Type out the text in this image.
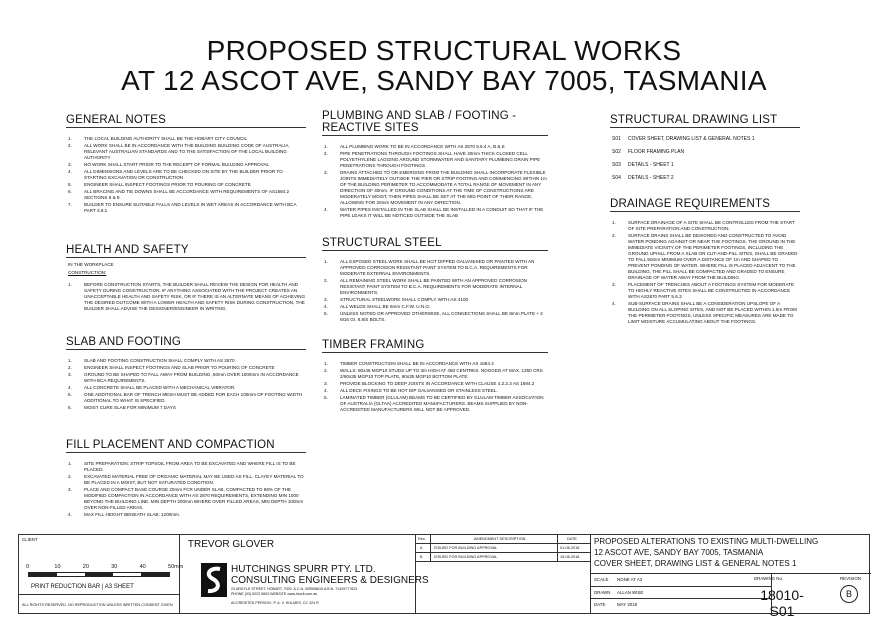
PROPOSED STRUCTURAL WORKS
AT 12 ASCOT AVE, SANDY BAY 7005, TASMANIA
GENERAL NOTES
1.	THE LOCAL BUILDING AUTHORITY SHALL BE THE HOBART CITY COUNCIL
2.	ALL WORK SHALL BE IN ACCORDANCE WITH THE BUILDING BUILDING CODE OF AUSTRALIA, RELEVANT AUSTRALIAN STANDARDS AND TO THE SATISFACTION OF THE LOCAL BUILDING AUTHORITY
3.	NO WORK SHALL START PRIOR TO THE RECEIPT OF FORMAL BUILDING APPROVAL
4.	ALL DIMENSIONS AND LEVELS ARE TO BE CHECKED ON SITE BY THE BUILDER PRIOR TO STARTING EXCAVATION OR CONSTRUCTION
5.	ENGINEER SHALL INSPECT FOOTINGS PRIOR TO POURING OF CONCRETE
6.	ALL BRACING AND TIE DOWNS SHALL BE ACCORDANCE WITH REQUIREMENTS OF AS1684.2 SECTIONS 8 & 9
7.	BUILDER TO ENSURE SUITABLE FALLS AND LEVELS IN WET AREAS IN ACCORDANCE WITH BCA PART 3.8.1
HEALTH AND SAFETY
IN THE WORKPLACE
CONSTRUCTION:
1.	BEFORE CONSTRUCTION STARTS, THE BUILDER SHALL REVIEW THE DESIGN FOR HEALTH AND SAFETY DURING CONSTRUCTION. IF ANYTHING ASSOCIATED WITH THE PROJECT CREATES AN UNACCEPTABLE HEALTH AND SAFETY RISK, OR IF THERE IS AN ALTERNATE MEANS OF ACHIEVING THE DESIRED OUTCOME WITH A LOWER HEALTH AND SAFETY RISK DURING CONSTRUCTION, THE BUILDER SHALL ADVISE THE DESIGNER/ENGINEER IN WRITING.
SLAB AND FOOTING
1.	SLAB AND FOOTING CONSTRUCTION SHALL COMPLY WITH AS 2870
2.	ENGINEER SHALL INSPECT FOOTINGS AND SLAB PRIOR TO POURING OF CONCRETE
3.	GROUND TO BE SHAPED TO FALL AWAY FROM BUILDING, 50mm OVER 1000mm IN ACCORDANCE WITH BCA REQUIREMENTS.
4.	ALL CONCRETE SHALL BE PLACED WITH A MECHANICAL VIBRATOR.
5.	ONE ADDITIONAL BAR OF TRENCH MESH MUST BE ADDED FOR EACH 100mm OF FOOTING WIDTH ADDITIONAL TO WHAT IS SPECIFIED.
6.	MOIST CURE SLAB FOR MINIMUM 7 DAYS
FILL PLACEMENT AND COMPACTION
1.	SITE PREPARATION: STRIP TOPSOIL FROM AREA TO BE EXCAVATED AND WHERE FILL IS TO BE PLACED.
2.	EXCAVATED MATERIAL FREE OF ORGANIC MATERIAL MAY BE USED AS FILL. CLAYEY MATERIAL TO BE PLACED IN A MOIST, BUT NOT SATURATED CONDITION.
3.	PLACE AND COMPACT BASE COURSE 20mm FCR UNDER SLAB, COMPACTED TO 98% OF THE MODIFIED COMPACTION IN ACCORDANCE WITH AS 2870 REQUIREMENTS, EXTENDING MIN 1000 BEYOND THE BUILDING LINE. MIN DEPTH 200mm WHERE OVER FILLED AREAS, MIN DEPTH 100mm OVER NON-FILLED AREAS.
4.	MAX FILL HEIGHT BENEATH SLAB: 1200mm.
PLUMBING AND SLAB / FOOTING - REACTIVE SITES
1.	ALL PLUMBING WORK TO BE IN ACCORDANCE WITH AS 2870 5.6.4 A, B & E
2.	PIPE PENETRATIONS THROUGH FOOTINGS SHALL HAVE 40mm THICK CLOSED CELL POLYETHYLENE LAGGING AROUND STORMWATER AND SANITARY PLUMBING DRAIN PIPE PENETRATIONS THROUGH FOOTINGS.
3.	DRAINS ATTACHED TO OR EMERGING FROM THE BUILDING SHALL INCORPORATE FLEXIBLE JOINTS IMMEDIATELY OUTSIDE THE PIER OR STRIP FOOTING AND COMMENCING WITHIN 1m OF THE BUILDING PERIMETER TO ACCOMMODATE A TOTAL RANGE OF MOVEMENT IN ANY DIRECTION OF 40mm. IF GROUND CONDITIONS AT THE TIME OF CONSTRUCTIONS ARE MODERATELY MOIST, THEN PIPES SHALL BE SET AT THE MID POINT OF THEIR RANGE, ALLOWING FOR 20mm MOVEMENT IN ANY DIRECTION.
4.	WATER PIPES INSTALLED IN THE SLAB SHALL BE INSTALLED IN A CONDUIT SO THAT IF THE PIPE LEAKS IT WILL BE NOTICED OUTSIDE THE SLAB
STRUCTURAL STEEL
1.	ALL EXPOSED STEEL WORK SHALL BE HOT DIPPED GALVANISED OR PAINTED WITH AN APPROVED CORROSION RESISTANT PAINT SYSTEM TO B.C.A. REQUIREMENTS FOR MODERATE EXTERNAL ENVIRONMENTS.
2.	ALL REMAINING STEEL WORK SHALL BE PAINTED WITH AN APPROVED CORROSION RESISTANT PAINT SYSTEM TO B.C.A. REQUIREMENTS FOR MODERATE INTERNAL ENVIRONMENTS.
3.	STRUCTURAL STEELWORK SHALL COMPLY WITH AS 4100
4.	ALL WELDS SHALL BE 6mm C.F.W. U.N.O.
5.	UNLESS NOTED OR APPROVED OTHERWISE, ALL CONNECTIONS SHALL BE 8mm PLATE + 2 M16 Gr. 8.8/S BOLTS.
TIMBER FRAMING
1.	TIMBER CONSTRUCTION SHALL BE IN ACCORDANCE WITH AS 1684.2
2.	WALLS: 90x45 MGP10 STUDS UP TO 3m HIGH AT 450 CENTRES. NOGGED AT MAX. 1350 CRS 2/90x35 MGP10 TOP PLATE, 90x35 MGP10 BOTTOM PLATE.
3.	PROVIDE BLOCKING TO DEEP JOISTS IN ACCORDANCE WITH CLAUSE 4.2.2.3 AS 1684.2
4.	ALL DECK FIXINGS TO BE HOT DIP GALVANISED OR STAINLESS STEEL.
5.	LAMINATED TIMBER (GLULAM) BEAMS TO BE CERTIFIED BY GLULAM TIMBER ASSOCIATION OF AUSTRALIA (GLTAA) ACCREDITED MANUFACTURERS. BEAMS SUPPLIED BY NON-ACCREDITED MANUFACTURERS WILL NOT BE APPROVED.
STRUCTURAL DRAWING LIST
S01 COVER SHEET, DRAWING LIST & GENERAL NOTES 1
S02 FLOOR FRAMING PLAN
S03 DETAILS - SHEET 1
S04 DETAILS - SHEET 2
DRAINAGE REQUIREMENTS
1.	SURFACE DRAINAGE OF A SITE SHALL BE CONTROLLED FROM THE START OF SITE PREPARATION AND CONSTRUCTION.
2.	SURFACE DRAINS SHALL BE DESIGNED AND CONSTRUCTED TO AVOID WATER PONDING AGAINST OR NEAR THE FOOTINGS. THE GROUND IN THE IMMEDIATE VICINITY OF THE PERIMETER FOOTINGS, INCLUDING THE GROUND UPHILL FROM A SLAB ON CUT-AND-FILL SITES, SHALL BE GRADED TO FALL 50mm MINIMUM OVER A DISTANCE OF 1m AND SHAPED TO PREVENT PONDING OF WATER. WHERE FILL IS PLACED ADJACENT TO THE BUILDING, THE FILL SHALL BE COMPACTED AND GRADED TO ENSURE DRAINAGE OF WATER AWAY FROM THE BUILDING.
3.	PLACEMENT OF TRENCHES ABOUT A FOOTINGS SYSTEM FOR MODERATE TO HIGHLY REACTIVE SITES SHALL BE CONSTRUCTED IN ACCORDANCE WITH AS2870 PART 5.6.3
4.	SUB-SURFACE DRAINS SHALL BE A CONSIDERATION UPSLOPE OF A BUILDING ON ALL SLOPING SITES, AND NOT BE PLACED WITHIN 1.5m FROM THE PERIMETER FOOTINGS, UNLESS SPECIFIC MEASURES ARE MADE TO LIMIT MOISTURE ACCUMULATING ABOUT THE FOOTINGS.
CLIENT	TREVOR GLOVER
0	10	20	30	40	50mm
PRINT REDUCTION BAR | A3 SHEET
ALL RIGHTS RESERVED. NO REPRODUCTION UNLESS WRITTEN CONSENT GIVEN
HUTCHINGS SPURR PTY. LTD.
CONSULTING ENGINEERS & DESIGNERS
23 ARGYLE STREET, HOBART, 7000. A.C.N. 009598615 A.B.N. 71425777623
PHONE (03) 6223 5603 WEBSITE www.hscrk.com.au
ACCREDITED PERSON : P. A. V. HOLMES, CC 324 R
Rev.	AMENDMENT DESCRIPTION	DATE
A	ISSUED FOR BUILDING APPROVAL	01-06-2018
B	ISSUED FOR BUILDING APPROVAL	15-06-2018
PROPOSED ALTERATIONS TO EXISTING MULTI-DWELLING
12 ASCOT AVE, SANDY BAY 7005, TASMANIA
COVER SHEET, DRAWING LIST & GENERAL NOTES 1
SCALE NONE AT A3
DRAWN ALLAN WISE
DATE	MAY 2018
DRAWING No.
18010-S01
REVISION
B
